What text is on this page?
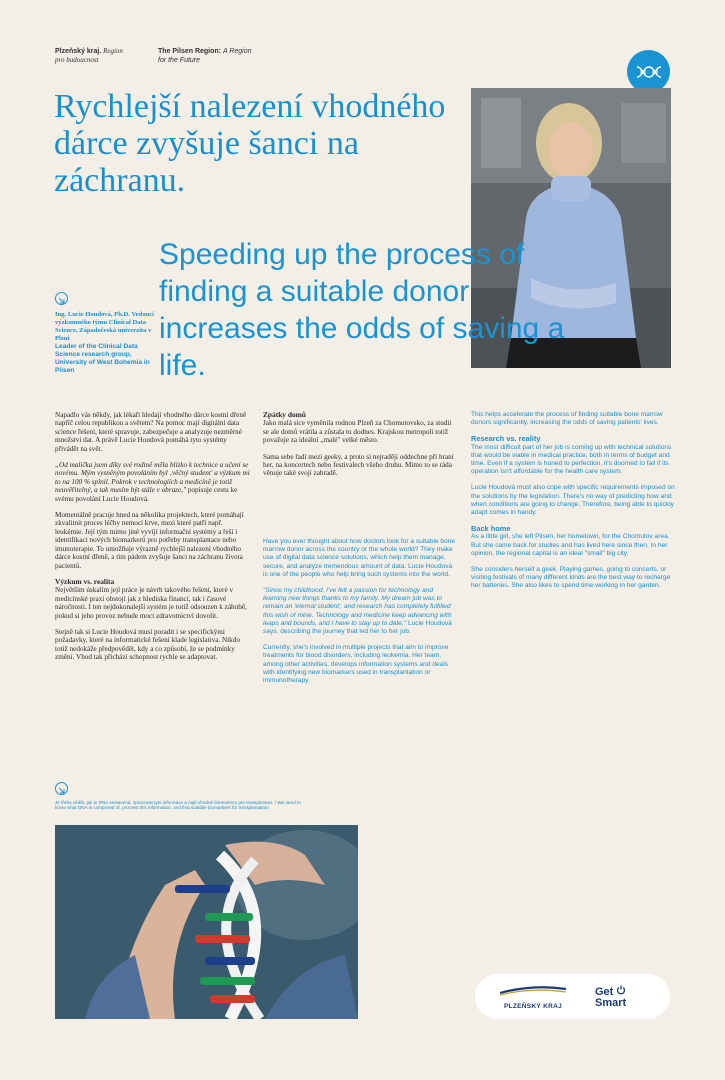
Plzeňský kraj. Region
pro budoucnost
The Pilsen Region: A Region
for the Future
Rychlejší nalezení vhodného dárce zvyšuje šanci na záchranu.
Speeding up the process of finding a suitable donor increases the odds of saving a life.
Ing. Lucie Houdová, Ph.D. Vedoucí výzkumného týmu Clinical Data Science, Západočeská univerzita v Plzni
Leader of the Clinical Data Science research group, University of West Bohemia in Pilsen

Napadlo vás někdy, jak lékaři hledají vhodného dárce kostní dřeně napříč celou republikou a světem? Na pomoc mají digitální data science řešení, které spravuje, zabezpečuje a analyzuje nezměrné množství dat. A právě Lucie Houdová pomáhá tyto systémy přivádět na svět.

„Od malička jsem díky své rodině měla blízko k technice a učení se novému. Mým vysněným povoláním byl ‚věčný student' a výzkum mi to na 100 % splnil. Pokrok v technologiích a medicíně je totiž neuvěřitelný, a tak musím být stále v obraze," popisuje cestu ke svému povolání Lucie Houdová.

Momentálně pracuje hned na několika projektech, které pomáhají zkvalitnit proces léčby nemocí krve, mezi které patří např. leukémie. Její tým mimo jiné vyvíjí informační systémy a řeší i identifikaci nových biomarkerů pro potřeby transplantace nebo imunoterapie. To umožňuje výrazně rychlejší nalezení vhodného dárce kostní dřeně, a tím pádem zvyšuje šanci na záchranu života pacientů.

Výzkum vs. realita

Největším úskalím její práce je návrh takového řešení, které v medicínské praxi obstojí jak z hlediska financí, tak i časové náročnosti. I ten nejdokonalejší systém je totiž odsouzen k záhubě, pokud si jeho provoz nebude moct zdravotnictví dovolit.

Stejně tak si Lucie Houdová musí poradit i se specifickými požadavky, které na informatické řešení klade legislativa. Nikdo totiž nedokáže předpovědět, kdy a co způsobí, že se podmínky změní. Vhod tak přichází schopnost rychle se adaptovat.

Zpátky domů

Jako malá sice vyměnila rodnou Plzeň za Chomutovsko, za studii se ale domů vrátila a zůstala tu dodnes. Krajskou metropoli totiž považuje za ideální „malé" velké město.

Sama sebe řadí mezi geeky, a proto si nejraději oddechne při hraní her, na koncertech nebo festivalech všeho druhu. Mimo to se ráda věnuje také svojí zahradě.

Have you ever thought about how doctors look for a suitable bone marrow donor across the country or the whole world? They make use of digital data science solutions, which help them manage, secure, and analyze tremendous amount of data. Lucie Houdová is one of the people who help bring such systems into the world.

"Since my childhood, I've felt a passion for technology and learning new things thanks to my family. My dream job was to remain an 'eternal student', and research has completely fulfilled this wish of mine. Technology and medicine keep advancing with leaps and bounds, and I have to stay up to date," Lucie Houdová says, describing the journey that led her to her job.

Currently, she's involved in multiple projects that aim to improve treatments for blood disorders, including leukemia. Her team, among other activities, develops information systems and deals with identifying new biomarkers used in transplantation or immunotherapy.

This helps accelerate the process of finding suitable bone marrow donors significantly, increasing the odds of saving patients' lives.

Research vs. reality

The most difficult part of her job is coming up with technical solutions that would be viable in medical practice, both in terms of budget and time. Even if a system is honed to perfection, it's doomed to fail if its operation isn't affordable for the health care system.

Lucie Houdová must also cope with specific requirements imposed on the solutions by the legislation. There's no way of predicting how and when conditions are going to change. Therefore, being able to quickly adapt comes in handy.

Back home

As a little girl, she left Pilsen, her hometown, for the Chomutov area. But she came back for studies and has lived here since then. In her opinion, the regional capital is an ideal "small" big city.

She considers herself a geek. Playing games, going to concerts, or visiting festivals of many different kinds are the best way to recharge her batteries. She also likes to spend time working in her garden.

Je třeba vědět, jak je DNA sestavená, zpracovat tyto informace a najít vhodné biomarkery pro transplantaci. / We need to know what DNA is composed of, process this information, and find suitable biomarkers for transplantation.
PLZEŇSKÝ KRAJ
Get
Smart
